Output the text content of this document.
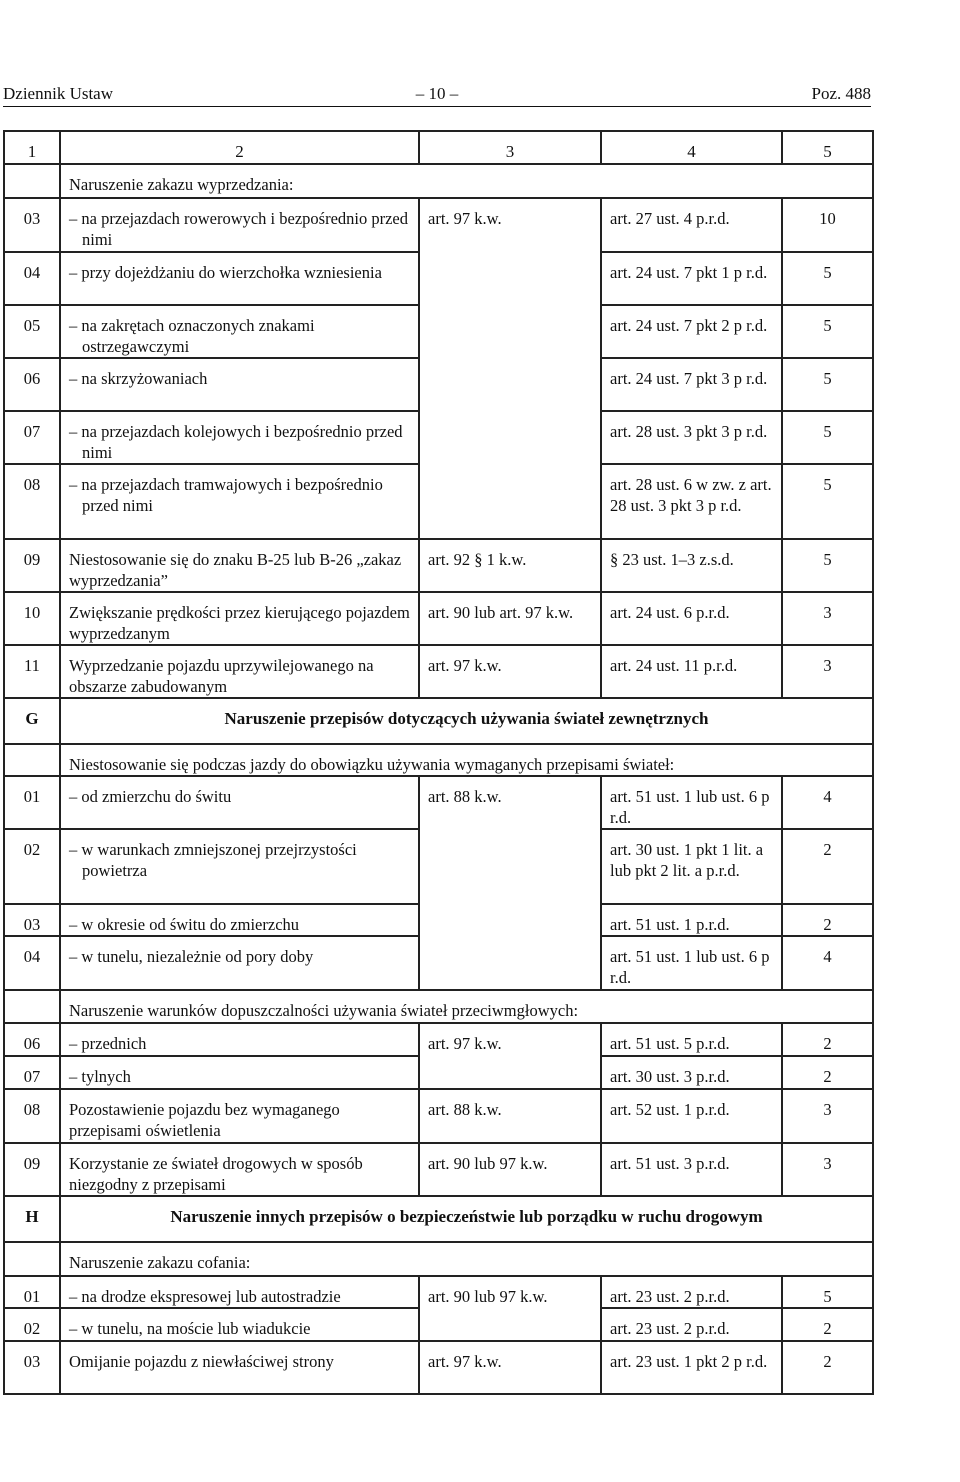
Dziennik Ustaw	– 10 –	Poz. 488
1	2	3	4	5
	Naruszenie zakazu wyprzedzania:			
03	– na przejazdach rowerowych i bezpośrednio przed nimi	art. 97 k.w.	art. 27 ust. 4 p.r.d.	10
04	– przy dojeżdżaniu do wierzchołka wzniesienia		art. 24 ust. 7 pkt 1 p r.d.	5
05	– na zakrętach oznaczonych znakami ostrzegawczymi		art. 24 ust. 7 pkt 2 p r.d.	5
06	– na skrzyżowaniach		art. 24 ust. 7 pkt 3 p r.d.	5
07	– na przejazdach kolejowych i bezpośrednio przed nimi		art. 28 ust. 3 pkt 3 p r.d.	5
08	– na przejazdach tramwajowych i bezpośrednio przed nimi		art. 28 ust. 6 w zw. z art. 28 ust. 3 pkt 3 p r.d.	5
09	Niestosowanie się do znaku B-25 lub B-26 „zakaz wyprzedzania”	art. 92 § 1 k.w.	§ 23 ust. 1–3 z.s.d.	5
10	Zwiększanie prędkości przez kierującego pojazdem wyprzedzanym	art. 90 lub art. 97 k.w.	art. 24 ust. 6 p.r.d.	3
11	Wyprzedzanie pojazdu uprzywilejowanego na obszarze zabudowanym	art. 97 k.w.	art. 24 ust. 11 p.r.d.	3
G	Naruszenie przepisów dotyczących używania świateł zewnętrznych			
	Niestosowanie się podczas jazdy do obowiązku używania wymaganych przepisami świateł:			
01	– od zmierzchu do świtu	art. 88 k.w.	art. 51 ust. 1 lub ust. 6 p r.d.	4
02	– w warunkach zmniejszonej przejrzystości powietrza		art. 30 ust. 1 pkt 1 lit. a lub pkt 2 lit. a p.r.d.	2
03	– w okresie od świtu do zmierzchu		art. 51 ust. 1 p.r.d.	2
04	– w tunelu, niezależnie od pory doby		art. 51 ust. 1 lub ust. 6 p r.d.	4
	Naruszenie warunków dopuszczalności używania świateł przeciwmgłowych:			
06	– przednich	art. 97 k.w.	art. 51 ust. 5 p.r.d.	2
07	– tylnych		art. 30 ust. 3 p.r.d.	2
08	Pozostawienie pojazdu bez wymaganego przepisami oświetlenia	art. 88 k.w.	art. 52 ust. 1 p.r.d.	3
09	Korzystanie ze świateł drogowych w sposób niezgodny z przepisami	art. 90 lub 97 k.w.	art. 51 ust. 3 p.r.d.	3
H	Naruszenie innych przepisów o bezpieczeństwie lub porządku w ruchu drogowym			
	Naruszenie zakazu cofania:			
01	– na drodze ekspresowej lub autostradzie	art. 90 lub 97 k.w.	art. 23 ust. 2 p.r.d.	5
02	– w tunelu, na moście lub wiadukcie		art. 23 ust. 2 p.r.d.	2
03	Omijanie pojazdu z niewłaściwej strony	art. 97 k.w.	art. 23 ust. 1 pkt 2 p r.d.	2
